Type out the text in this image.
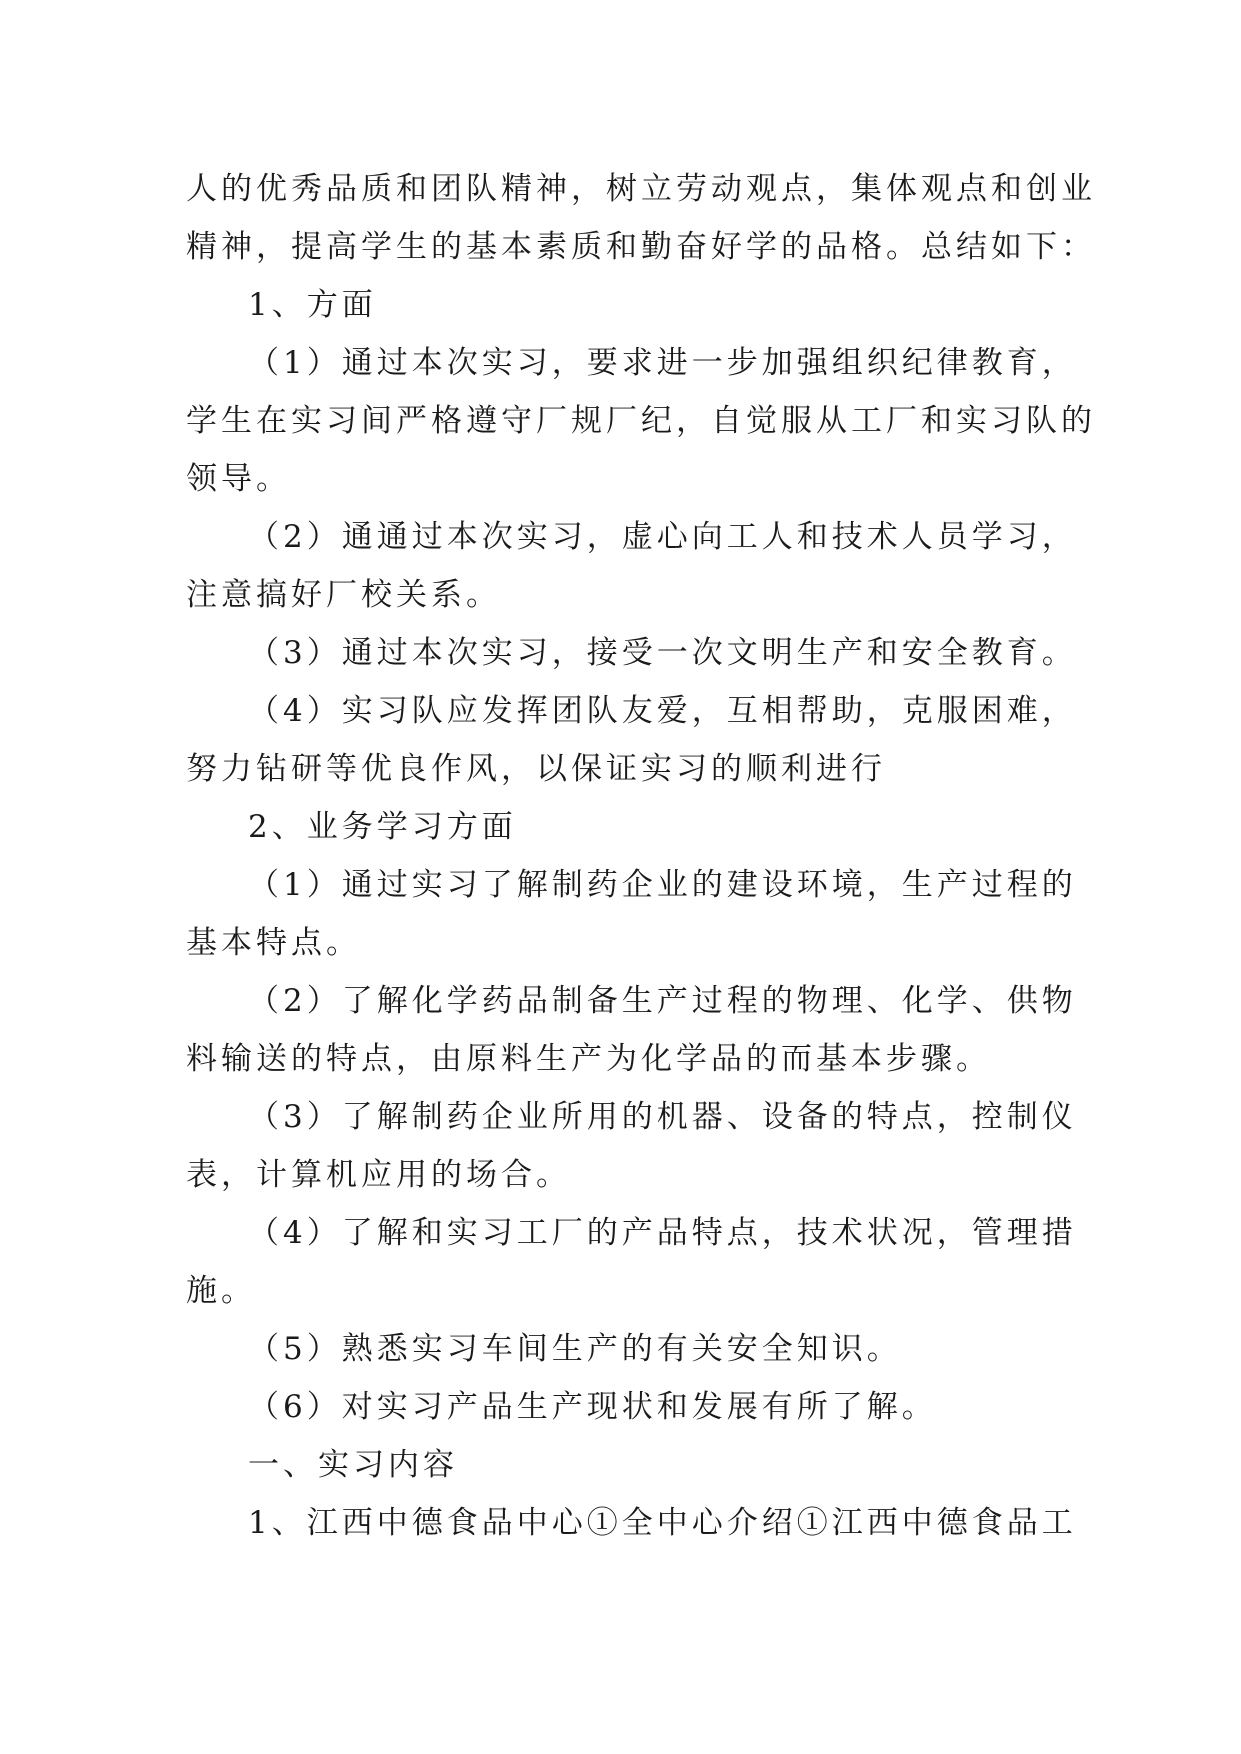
人的优秀品质和团队精神，树立劳动观点，集体观点和创业
精神，提高学生的基本素质和勤奋好学的品格。总结如下：
1、方面
（1）通过本次实习，要求进一步加强组织纪律教育，
学生在实习间严格遵守厂规厂纪，自觉服从工厂和实习队的
领导。
（2）通通过本次实习，虚心向工人和技术人员学习，
注意搞好厂校关系。
（3）通过本次实习，接受一次文明生产和安全教育。
（4）实习队应发挥团队友爱，互相帮助，克服困难，
努力钻研等优良作风，以保证实习的顺利进行
2、业务学习方面
（1）通过实习了解制药企业的建设环境，生产过程的
基本特点。
（2）了解化学药品制备生产过程的物理、化学、供物
料输送的特点，由原料生产为化学品的而基本步骤。
（3）了解制药企业所用的机器、设备的特点，控制仪
表，计算机应用的场合。
（4）了解和实习工厂的产品特点，技术状况，管理措
施。
（5）熟悉实习车间生产的有关安全知识。
（6）对实习产品生产现状和发展有所了解。
一、实习内容
1、江西中德食品中心①全中心介绍①江西中德食品工
